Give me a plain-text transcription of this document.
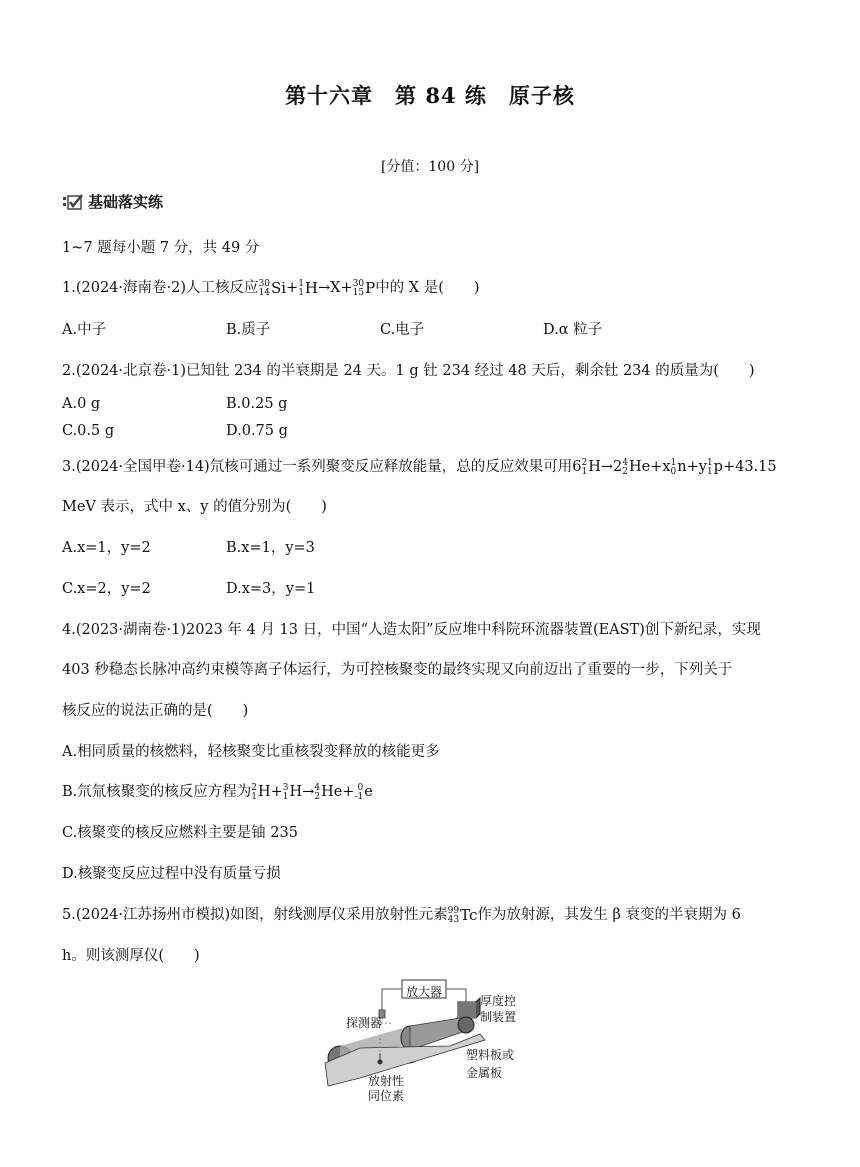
第十六章　第 84 练　原子核
[分值：100 分]
基础落实练
1~7 题每小题 7 分，共 49 分
1.(2024·海南卷·2)人工核反应 30
14 Si+ 1
1 H→X+ 30
15 P中的 X 是( )
A.中子	B.质子	C.电子	D.α 粒子
2.(2024·北京卷·1)已知钍 234 的半衰期是 24 天。1 g 钍 234 经过 48 天后，剩余钍 234 的质量为( )
A.0 g	B.0.25 g
C.0.5 g	D.0.75 g
3.(2024·全国甲卷·14)氘核可通过一系列聚变反应释放能量，总的反应效果可用6 2
1 H→2 4
2 He+x 1
0 n+y 1
1 p+43.15
MeV 表示，式中 x、y 的值分别为( )
A.x=1，y=2	B.x=1，y=3
C.x=2，y=2	D.x=3，y=1
4.(2023·湖南卷·1)2023 年 4 月 13 日，中国“人造太阳”反应堆中科院环流器装置(EAST)创下新纪录，实现
403 秒稳态长脉冲高约束模等离子体运行，为可控核聚变的最终实现又向前迈出了重要的一步，下列关于
核反应的说法正确的是( )
A.相同质量的核燃料，轻核聚变比重核裂变释放的核能更多
B.氘氚核聚变的核反应方程为 2
1 H+ 3
1 H→ 4
2 He+ 0
-1 e
C.核聚变的核反应燃料主要是铀 235
D.核聚变反应过程中没有质量亏损
5.(2024·江苏扬州市模拟)如图，射线测厚仪采用放射性元素 99
43 Tc作为放射源，其发生 β 衰变的半衰期为 6
h。则该测厚仪( )
放大器
探测器
厚度控
制装置
塑料板或
金属板
放射性
同位素
